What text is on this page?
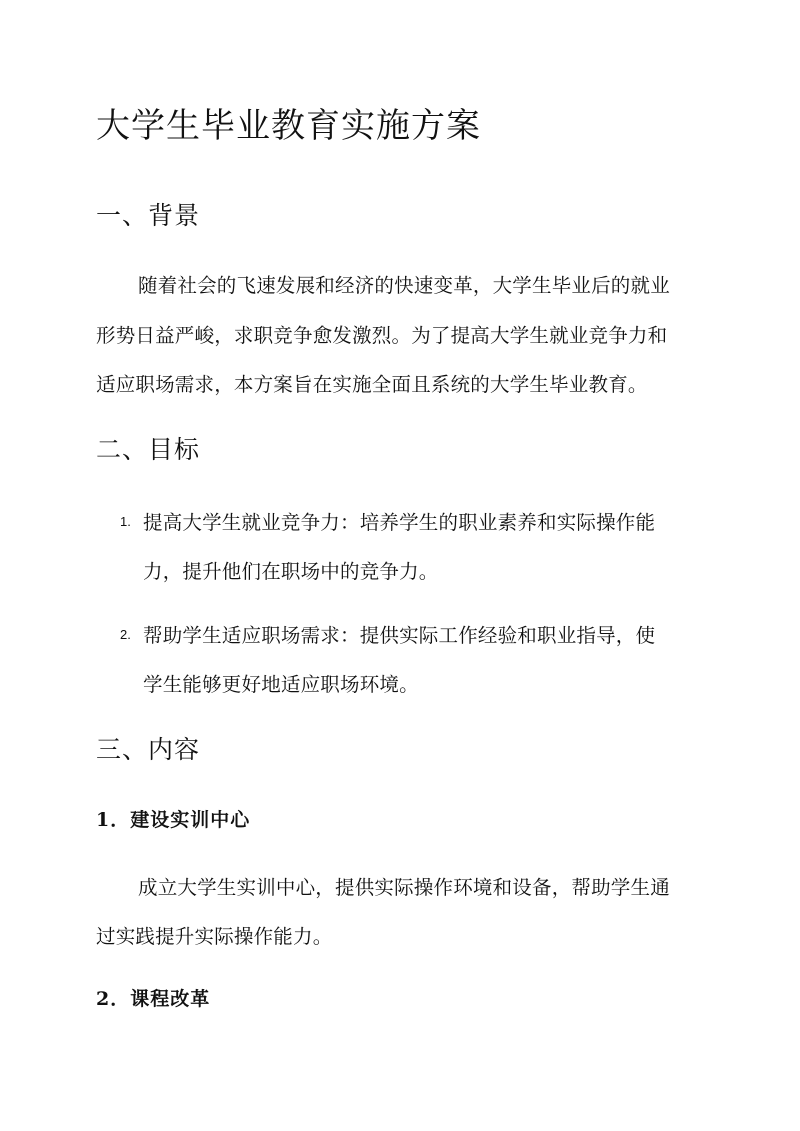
大学生毕业教育实施方案
一、背景
随着社会的飞速发展和经济的快速变革，大学生毕业后的就业
形势日益严峻，求职竞争愈发激烈。为了提高大学生就业竞争力和
适应职场需求，本方案旨在实施全面且系统的大学生毕业教育。
二、目标
1. 提高大学生就业竞争力：培养学生的职业素养和实际操作能
力，提升他们在职场中的竞争力。
2. 帮助学生适应职场需求：提供实际工作经验和职业指导，使
学生能够更好地适应职场环境。
三、内容
1．建设实训中心
成立大学生实训中心，提供实际操作环境和设备，帮助学生通
过实践提升实际操作能力。
2．课程改革
